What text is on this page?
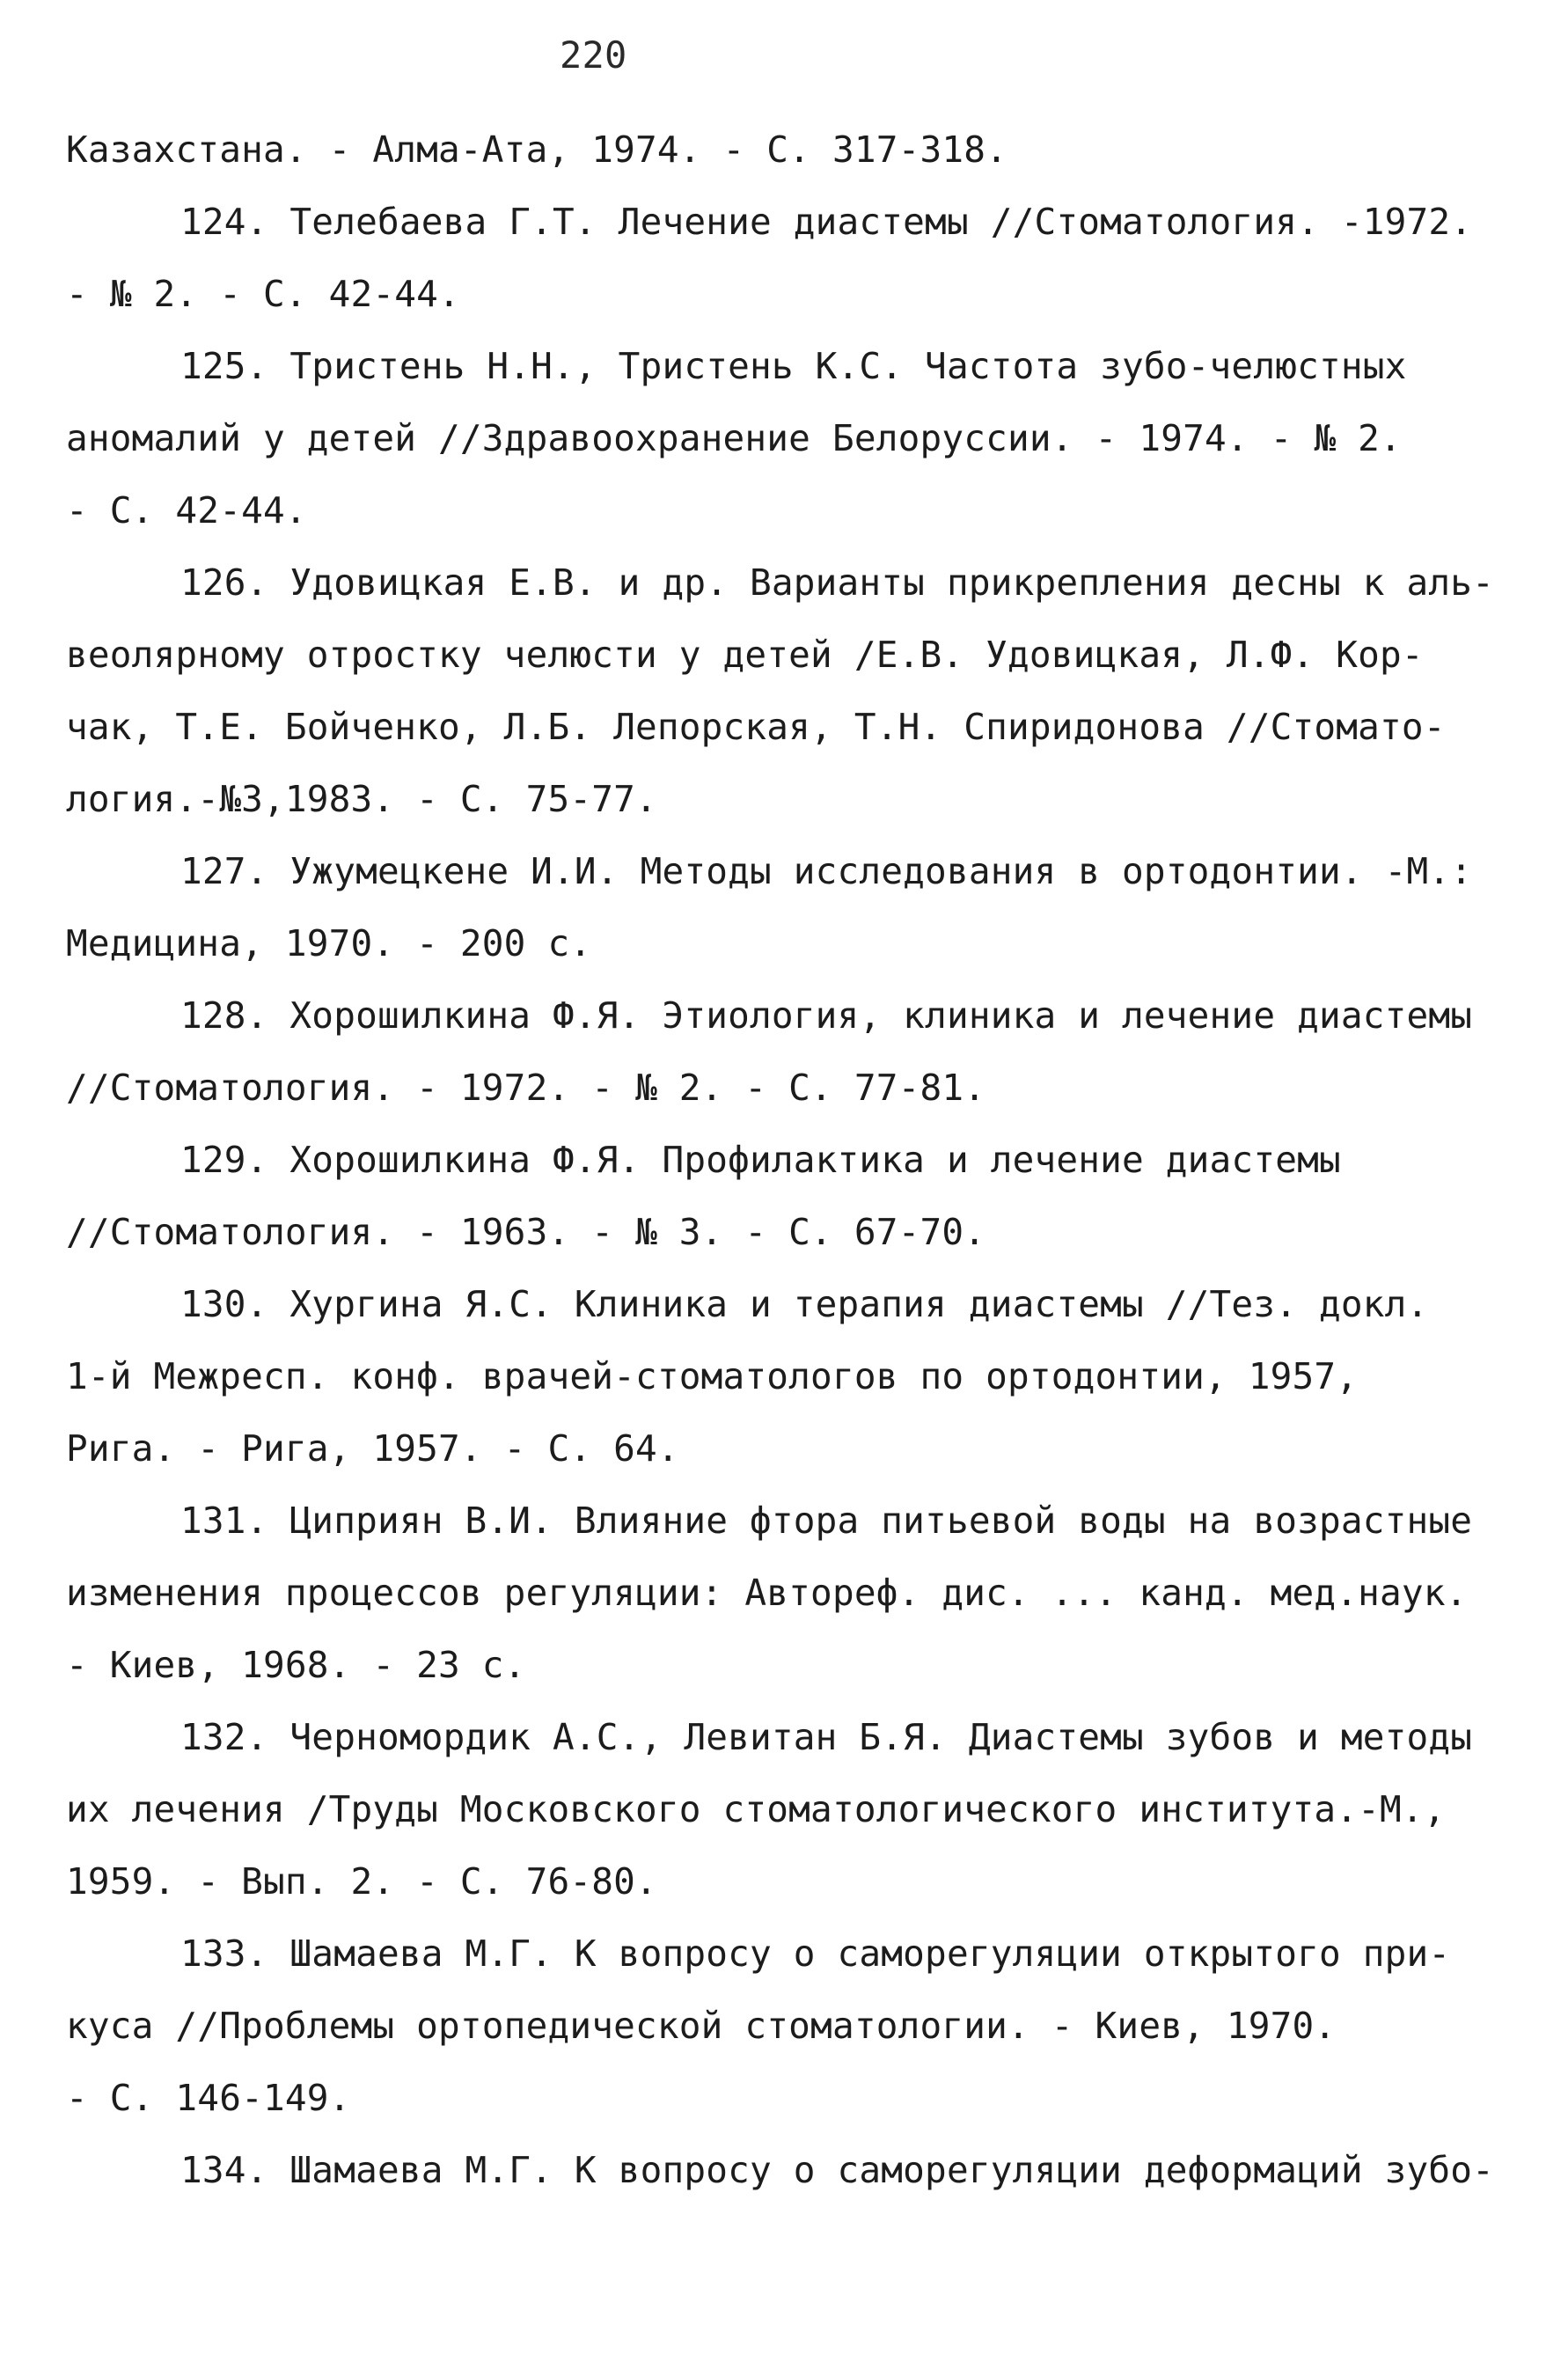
220
Казахстана. - Алма-Ата, 1974. - С. 317-318.
124. Телебаева Г.Т. Лечение диастемы //Стоматология. -1972.
- № 2. - С. 42-44.
125. Тристень Н.Н., Тристень К.С. Частота зубо-челюстных
аномалий у детей //Здравоохранение Белоруссии. - 1974. - № 2.
- С. 42-44.
126. Удовицкая Е.В. и др. Варианты прикрепления десны к аль-
веолярному отростку челюсти у детей /Е.В. Удовицкая, Л.Ф. Кор-
чак, Т.Е. Бойченко, Л.Б. Лепорская, Т.Н. Спиридонова //Стомато-
логия.-№3,1983. - С. 75-77.
127. Ужумецкене И.И. Методы исследования в ортодонтии. -М.:
Медицина, 1970. - 200 с.
128. Хорошилкина Ф.Я. Этиология, клиника и лечение диастемы
//Стоматология. - 1972. - № 2. - С. 77-81.
129. Хорошилкина Ф.Я. Профилактика и лечение диастемы
//Стоматология. - 1963. - № 3. - С. 67-70.
130. Хургина Я.С. Клиника и терапия диастемы //Тез. докл.
1-й Межресп. конф. врачей-стоматологов по ортодонтии, 1957,
Рига. - Рига, 1957. - С. 64.
131. Циприян В.И. Влияние фтора питьевой воды на возрастные
изменения процессов регуляции: Автореф. дис. ... канд. мед.наук.
- Киев, 1968. - 23 с.
132. Черномордик А.С., Левитан Б.Я. Диастемы зубов и методы
их лечения /Труды Московского стоматологического института.-М.,
1959. - Вып. 2. - С. 76-80.
133. Шамаева М.Г. К вопросу о саморегуляции открытого при-
куса //Проблемы ортопедической стоматологии. - Киев, 1970.
- С. 146-149.
134. Шамаева М.Г. К вопросу о саморегуляции деформаций зубо-
